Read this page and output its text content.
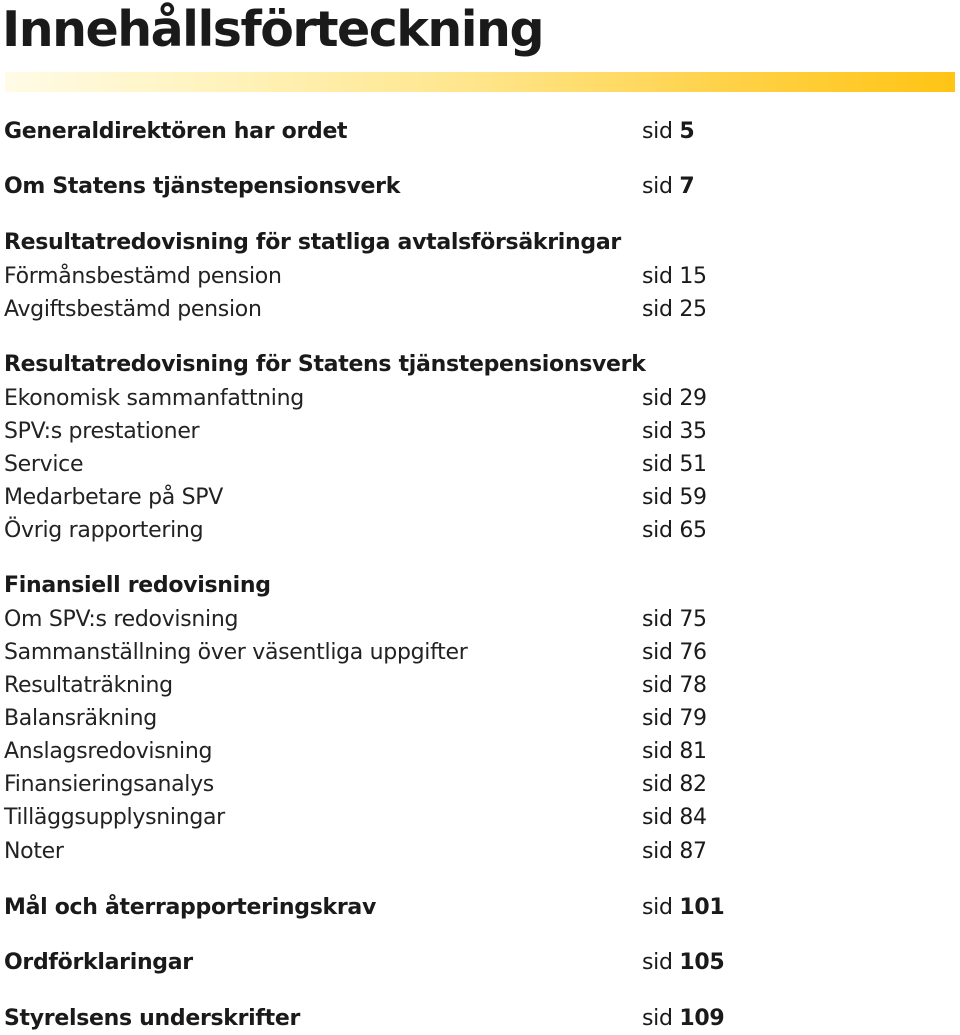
Innehållsförteckning
Generaldirektören har ordet	sid 5
Om Statens tjänstepensionsverk	sid 7
Resultatredovisning för statliga avtalsförsäkringar
Förmånsbestämd pension	sid 15
Avgiftsbestämd pension	sid 25
Resultatredovisning för Statens tjänstepensionsverk
Ekonomisk sammanfattning	sid 29
SPV:s prestationer	sid 35
Service	sid 51
Medarbetare på SPV	sid 59
Övrig rapportering	sid 65
Finansiell redovisning
Om SPV:s redovisning	sid 75
Sammanställning över väsentliga uppgifter	sid 76
Resultaträkning	sid 78
Balansräkning	sid 79
Anslagsredovisning	sid 81
Finansieringsanalys	sid 82
Tilläggsupplysningar	sid 84
Noter	sid 87
Mål och återrapporteringskrav	sid 101
Ordförklaringar	sid 105
Styrelsens underskrifter	sid 109
